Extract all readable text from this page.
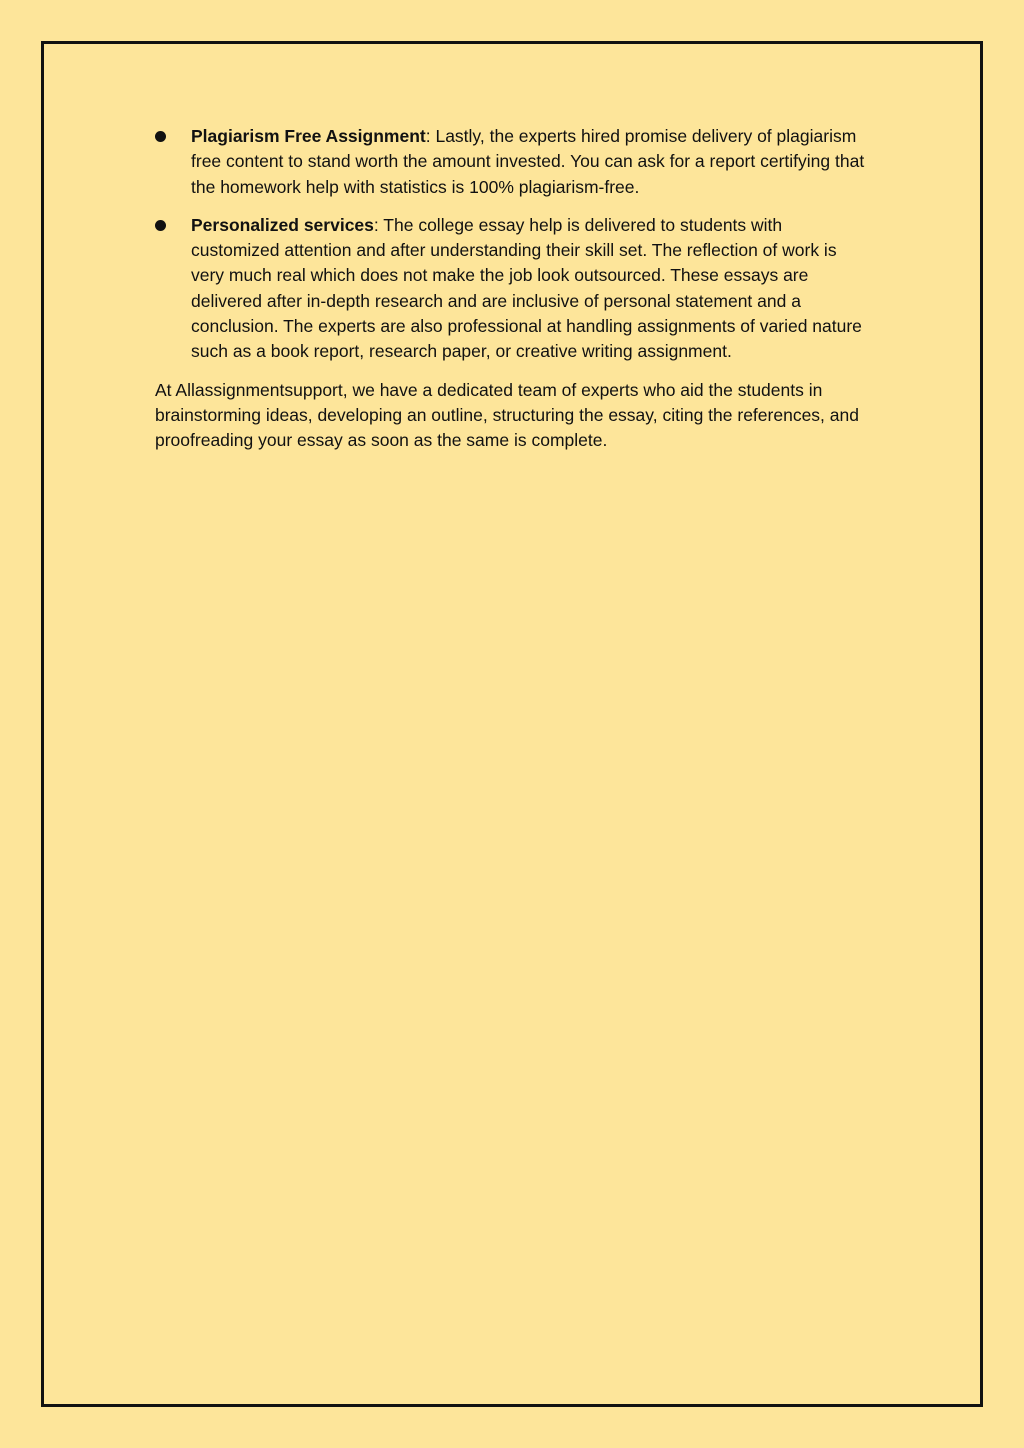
Plagiarism Free Assignment: Lastly, the experts hired promise delivery of plagiarism free content to stand worth the amount invested. You can ask for a report certifying that the homework help with statistics is 100% plagiarism-free.
Personalized services: The college essay help is delivered to students with customized attention and after understanding their skill set. The reflection of work is very much real which does not make the job look outsourced. These essays are delivered after in-depth research and are inclusive of personal statement and a conclusion. The experts are also professional at handling assignments of varied nature such as a book report, research paper, or creative writing assignment.

At Allassignmentsupport, we have a dedicated team of experts who aid the students in brainstorming ideas, developing an outline, structuring the essay, citing the references, and proofreading your essay as soon as the same is complete.
